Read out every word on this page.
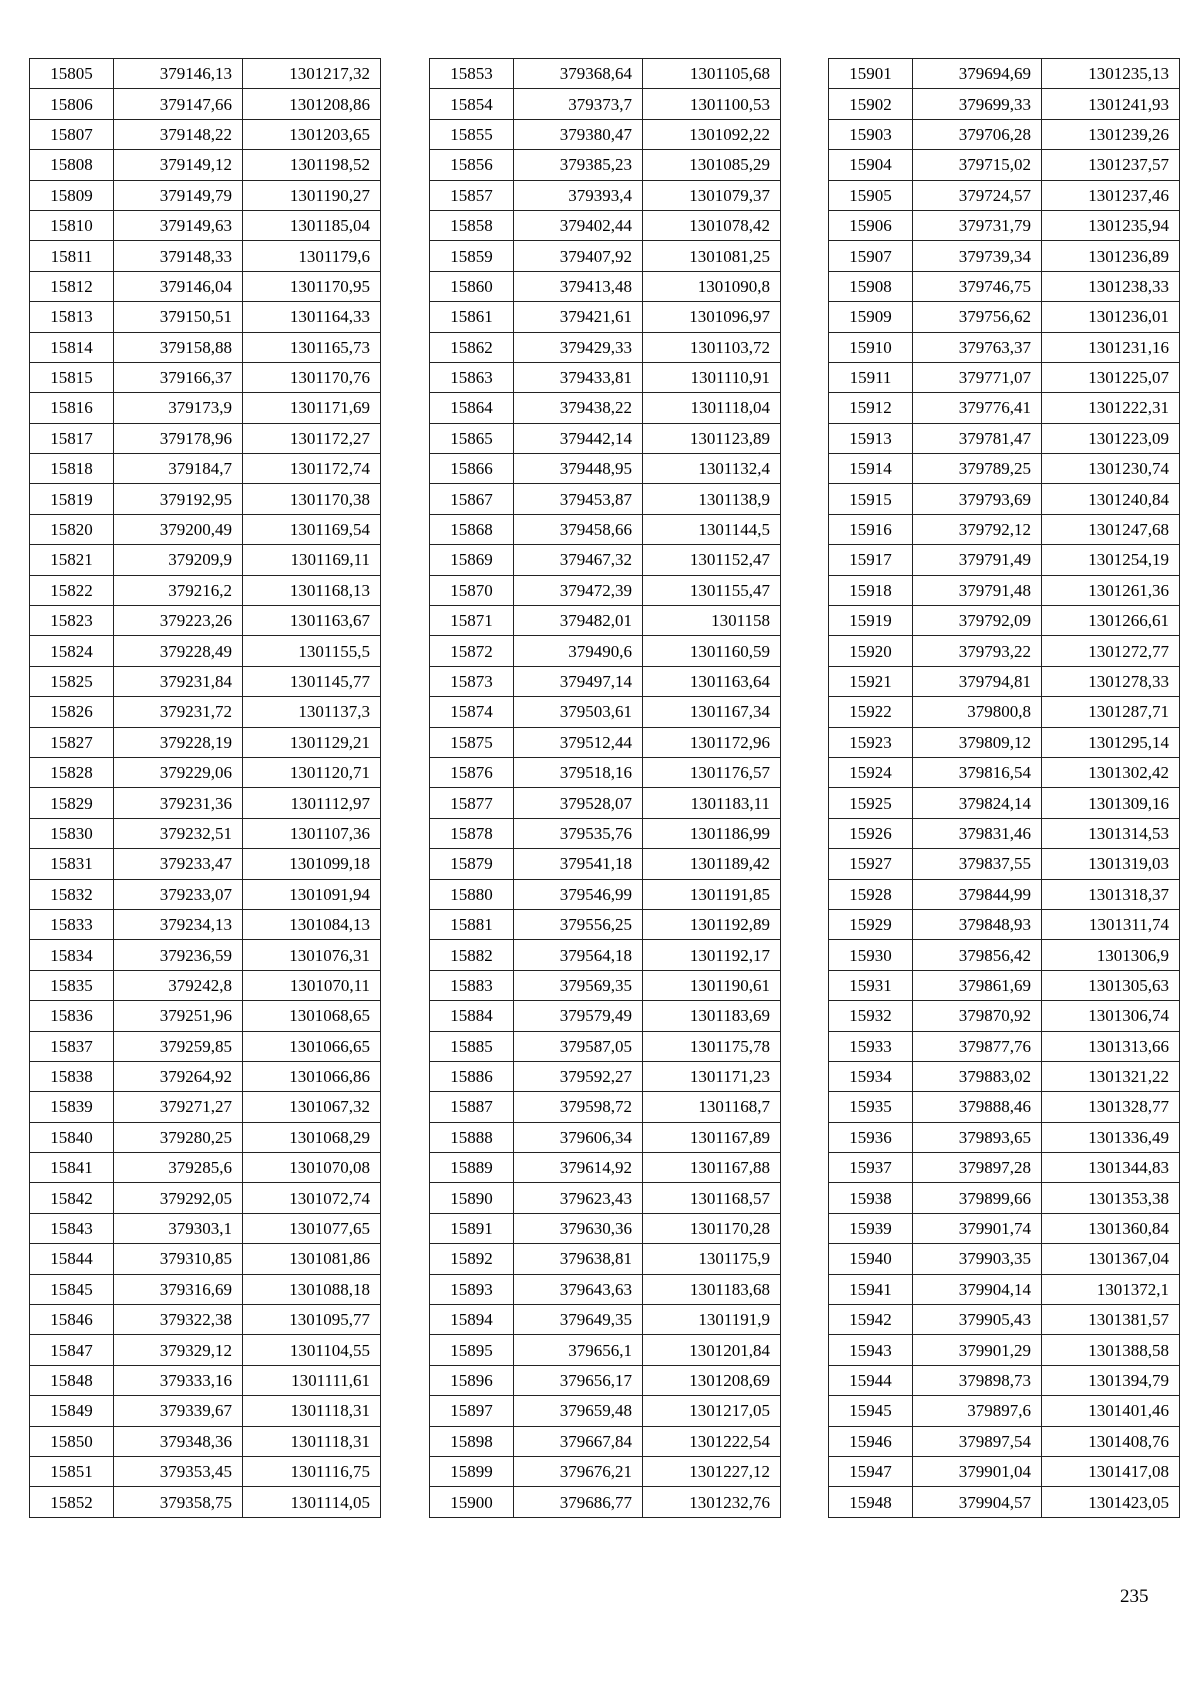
15805	379146,13	1301217,32
15806	379147,66	1301208,86
15807	379148,22	1301203,65
15808	379149,12	1301198,52
15809	379149,79	1301190,27
15810	379149,63	1301185,04
15811	379148,33	1301179,6
15812	379146,04	1301170,95
15813	379150,51	1301164,33
15814	379158,88	1301165,73
15815	379166,37	1301170,76
15816	379173,9	1301171,69
15817	379178,96	1301172,27
15818	379184,7	1301172,74
15819	379192,95	1301170,38
15820	379200,49	1301169,54
15821	379209,9	1301169,11
15822	379216,2	1301168,13
15823	379223,26	1301163,67
15824	379228,49	1301155,5
15825	379231,84	1301145,77
15826	379231,72	1301137,3
15827	379228,19	1301129,21
15828	379229,06	1301120,71
15829	379231,36	1301112,97
15830	379232,51	1301107,36
15831	379233,47	1301099,18
15832	379233,07	1301091,94
15833	379234,13	1301084,13
15834	379236,59	1301076,31
15835	379242,8	1301070,11
15836	379251,96	1301068,65
15837	379259,85	1301066,65
15838	379264,92	1301066,86
15839	379271,27	1301067,32
15840	379280,25	1301068,29
15841	379285,6	1301070,08
15842	379292,05	1301072,74
15843	379303,1	1301077,65
15844	379310,85	1301081,86
15845	379316,69	1301088,18
15846	379322,38	1301095,77
15847	379329,12	1301104,55
15848	379333,16	1301111,61
15849	379339,67	1301118,31
15850	379348,36	1301118,31
15851	379353,45	1301116,75
15852	379358,75	1301114,05
15853	379368,64	1301105,68
15854	379373,7	1301100,53
15855	379380,47	1301092,22
15856	379385,23	1301085,29
15857	379393,4	1301079,37
15858	379402,44	1301078,42
15859	379407,92	1301081,25
15860	379413,48	1301090,8
15861	379421,61	1301096,97
15862	379429,33	1301103,72
15863	379433,81	1301110,91
15864	379438,22	1301118,04
15865	379442,14	1301123,89
15866	379448,95	1301132,4
15867	379453,87	1301138,9
15868	379458,66	1301144,5
15869	379467,32	1301152,47
15870	379472,39	1301155,47
15871	379482,01	1301158
15872	379490,6	1301160,59
15873	379497,14	1301163,64
15874	379503,61	1301167,34
15875	379512,44	1301172,96
15876	379518,16	1301176,57
15877	379528,07	1301183,11
15878	379535,76	1301186,99
15879	379541,18	1301189,42
15880	379546,99	1301191,85
15881	379556,25	1301192,89
15882	379564,18	1301192,17
15883	379569,35	1301190,61
15884	379579,49	1301183,69
15885	379587,05	1301175,78
15886	379592,27	1301171,23
15887	379598,72	1301168,7
15888	379606,34	1301167,89
15889	379614,92	1301167,88
15890	379623,43	1301168,57
15891	379630,36	1301170,28
15892	379638,81	1301175,9
15893	379643,63	1301183,68
15894	379649,35	1301191,9
15895	379656,1	1301201,84
15896	379656,17	1301208,69
15897	379659,48	1301217,05
15898	379667,84	1301222,54
15899	379676,21	1301227,12
15900	379686,77	1301232,76
15901	379694,69	1301235,13
15902	379699,33	1301241,93
15903	379706,28	1301239,26
15904	379715,02	1301237,57
15905	379724,57	1301237,46
15906	379731,79	1301235,94
15907	379739,34	1301236,89
15908	379746,75	1301238,33
15909	379756,62	1301236,01
15910	379763,37	1301231,16
15911	379771,07	1301225,07
15912	379776,41	1301222,31
15913	379781,47	1301223,09
15914	379789,25	1301230,74
15915	379793,69	1301240,84
15916	379792,12	1301247,68
15917	379791,49	1301254,19
15918	379791,48	1301261,36
15919	379792,09	1301266,61
15920	379793,22	1301272,77
15921	379794,81	1301278,33
15922	379800,8	1301287,71
15923	379809,12	1301295,14
15924	379816,54	1301302,42
15925	379824,14	1301309,16
15926	379831,46	1301314,53
15927	379837,55	1301319,03
15928	379844,99	1301318,37
15929	379848,93	1301311,74
15930	379856,42	1301306,9
15931	379861,69	1301305,63
15932	379870,92	1301306,74
15933	379877,76	1301313,66
15934	379883,02	1301321,22
15935	379888,46	1301328,77
15936	379893,65	1301336,49
15937	379897,28	1301344,83
15938	379899,66	1301353,38
15939	379901,74	1301360,84
15940	379903,35	1301367,04
15941	379904,14	1301372,1
15942	379905,43	1301381,57
15943	379901,29	1301388,58
15944	379898,73	1301394,79
15945	379897,6	1301401,46
15946	379897,54	1301408,76
15947	379901,04	1301417,08
15948	379904,57	1301423,05
235
